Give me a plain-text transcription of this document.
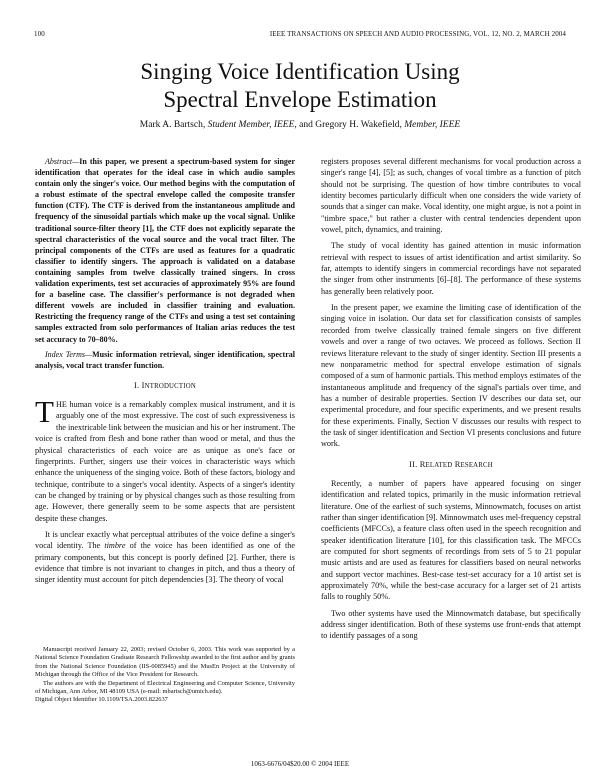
100	IEEE TRANSACTIONS ON SPEECH AND AUDIO PROCESSING, VOL. 12, NO. 2, MARCH 2004
Singing Voice Identification Using
Spectral Envelope Estimation
Mark A. Bartsch, Student Member, IEEE, and Gregory H. Wakefield, Member, IEEE

Abstract—In this paper, we present a spectrum-based system for singer identification that operates for the ideal case in which audio samples contain only the singer's voice. Our method begins with the computation of a robust estimate of the spectral envelope called the composite transfer function (CTF). The CTF is derived from the instantaneous amplitude and frequency of the sinusoidal partials which make up the vocal signal. Unlike traditional source-filter theory [1], the CTF does not explicitly separate the spectral characteristics of the vocal source and the vocal tract filter. The principal components of the CTFs are used as features for a quadratic classifier to identify singers. The approach is validated on a database containing samples from twelve classically trained singers. In cross validation experiments, test set accuracies of approximately 95% are found for a baseline case. The classifier's performance is not degraded when different vowels are included in classifier training and evaluation. Restricting the frequency range of the CTFs and using a test set containing samples extracted from solo performances of Italian arias reduces the test set accuracy to 70–80%.

Index Terms—Music information retrieval, singer identification, spectral analysis, vocal tract transfer function.

I. INTRODUCTION

THE human voice is a remarkably complex musical instrument, and it is arguably one of the most expressive. The cost of such expressiveness is the inextricable link between the musician and his or her instrument. The voice is crafted from flesh and bone rather than wood or metal, and thus the physical characteristics of each voice are as unique as one's face or fingerprints. Further, singers use their voices in characteristic ways which enhance the uniqueness of the singing voice. Both of these factors, biology and technique, contribute to a singer's vocal identity. Aspects of a singer's identity can be changed by training or by physical changes such as those resulting from age. However, there generally seem to be some aspects that are persistent despite these changes.

It is unclear exactly what perceptual attributes of the voice define a singer's vocal identity. The timbre of the voice has been identified as one of the primary components, but this concept is poorly defined [2]. Further, there is evidence that timbre is not invariant to changes in pitch, and thus a theory of singer identity must account for pitch dependencies [3]. The theory of vocal

Manuscript received January 22, 2003; revised October 6, 2003. This work was supported by a National Science Foundation Graduate Research Fellowship awarded to the first author and by grants from the National Science Foundation (IIS-0085945) and the MusEn Project at the University of Michigan through the Office of the Vice President for Research.

The authors are with the Department of Electrical Engineering and Computer Science, University of Michigan, Ann Arbor, MI 48109 USA (e-mail: mbartsch@umich.edu).

Digital Object Identifier 10.1109/TSA.2003.822637

registers proposes several different mechanisms for vocal production across a singer's range [4], [5]; as such, changes of vocal timbre as a function of pitch should not be surprising. The question of how timbre contributes to vocal identity becomes particularly difficult when one considers the wide variety of sounds that a singer can make. Vocal identity, one might argue, is not a point in "timbre space," but rather a cluster with central tendencies dependent upon vowel, pitch, dynamics, and training.

The study of vocal identity has gained attention in music information retrieval with respect to issues of artist identification and artist similarity. So far, attempts to identify singers in commercial recordings have not separated the singer from other instruments [6]–[8]. The performance of these systems has generally been relatively poor.

In the present paper, we examine the limiting case of identification of the singing voice in isolation. Our data set for classification consists of samples recorded from twelve classically trained female singers on five different vowels and over a range of two octaves. We proceed as follows. Section II reviews literature relevant to the study of singer identity. Section III presents a new nonparametric method for spectral envelope estimation of signals composed of a sum of harmonic partials. This method employs estimates of the instantaneous amplitude and frequency of the signal's partials over time, and has a number of desirable properties. Section IV describes our data set, our experimental procedure, and four specific experiments, and we present results for these experiments. Finally, Section V discusses our results with respect to the task of singer identification and Section VI presents conclusions and future work.

II. RELATED RESEARCH

Recently, a number of papers have appeared focusing on singer identification and related topics, primarily in the music information retrieval literature. One of the earliest of such systems, Minnowmatch, focuses on artist rather than singer identification [9]. Minnowmatch uses mel-frequency cepstral coefficients (MFCCs), a feature class often used in the speech recognition and speaker identification literature [10], for this classification task. The MFCCs are computed for short segments of recordings from sets of 5 to 21 popular music artists and are used as features for classifiers based on neural networks and support vector machines. Best-case test-set accuracy for a 10 artist set is approximately 70%, while the best-case accuracy for a larger set of 21 artists falls to roughly 50%.

Two other systems have used the Minnowmatch database, but specifically address singer identification. Both of these systems use front-ends that attempt to identify passages of a song

1063-6676/04$20.00 © 2004 IEEE
